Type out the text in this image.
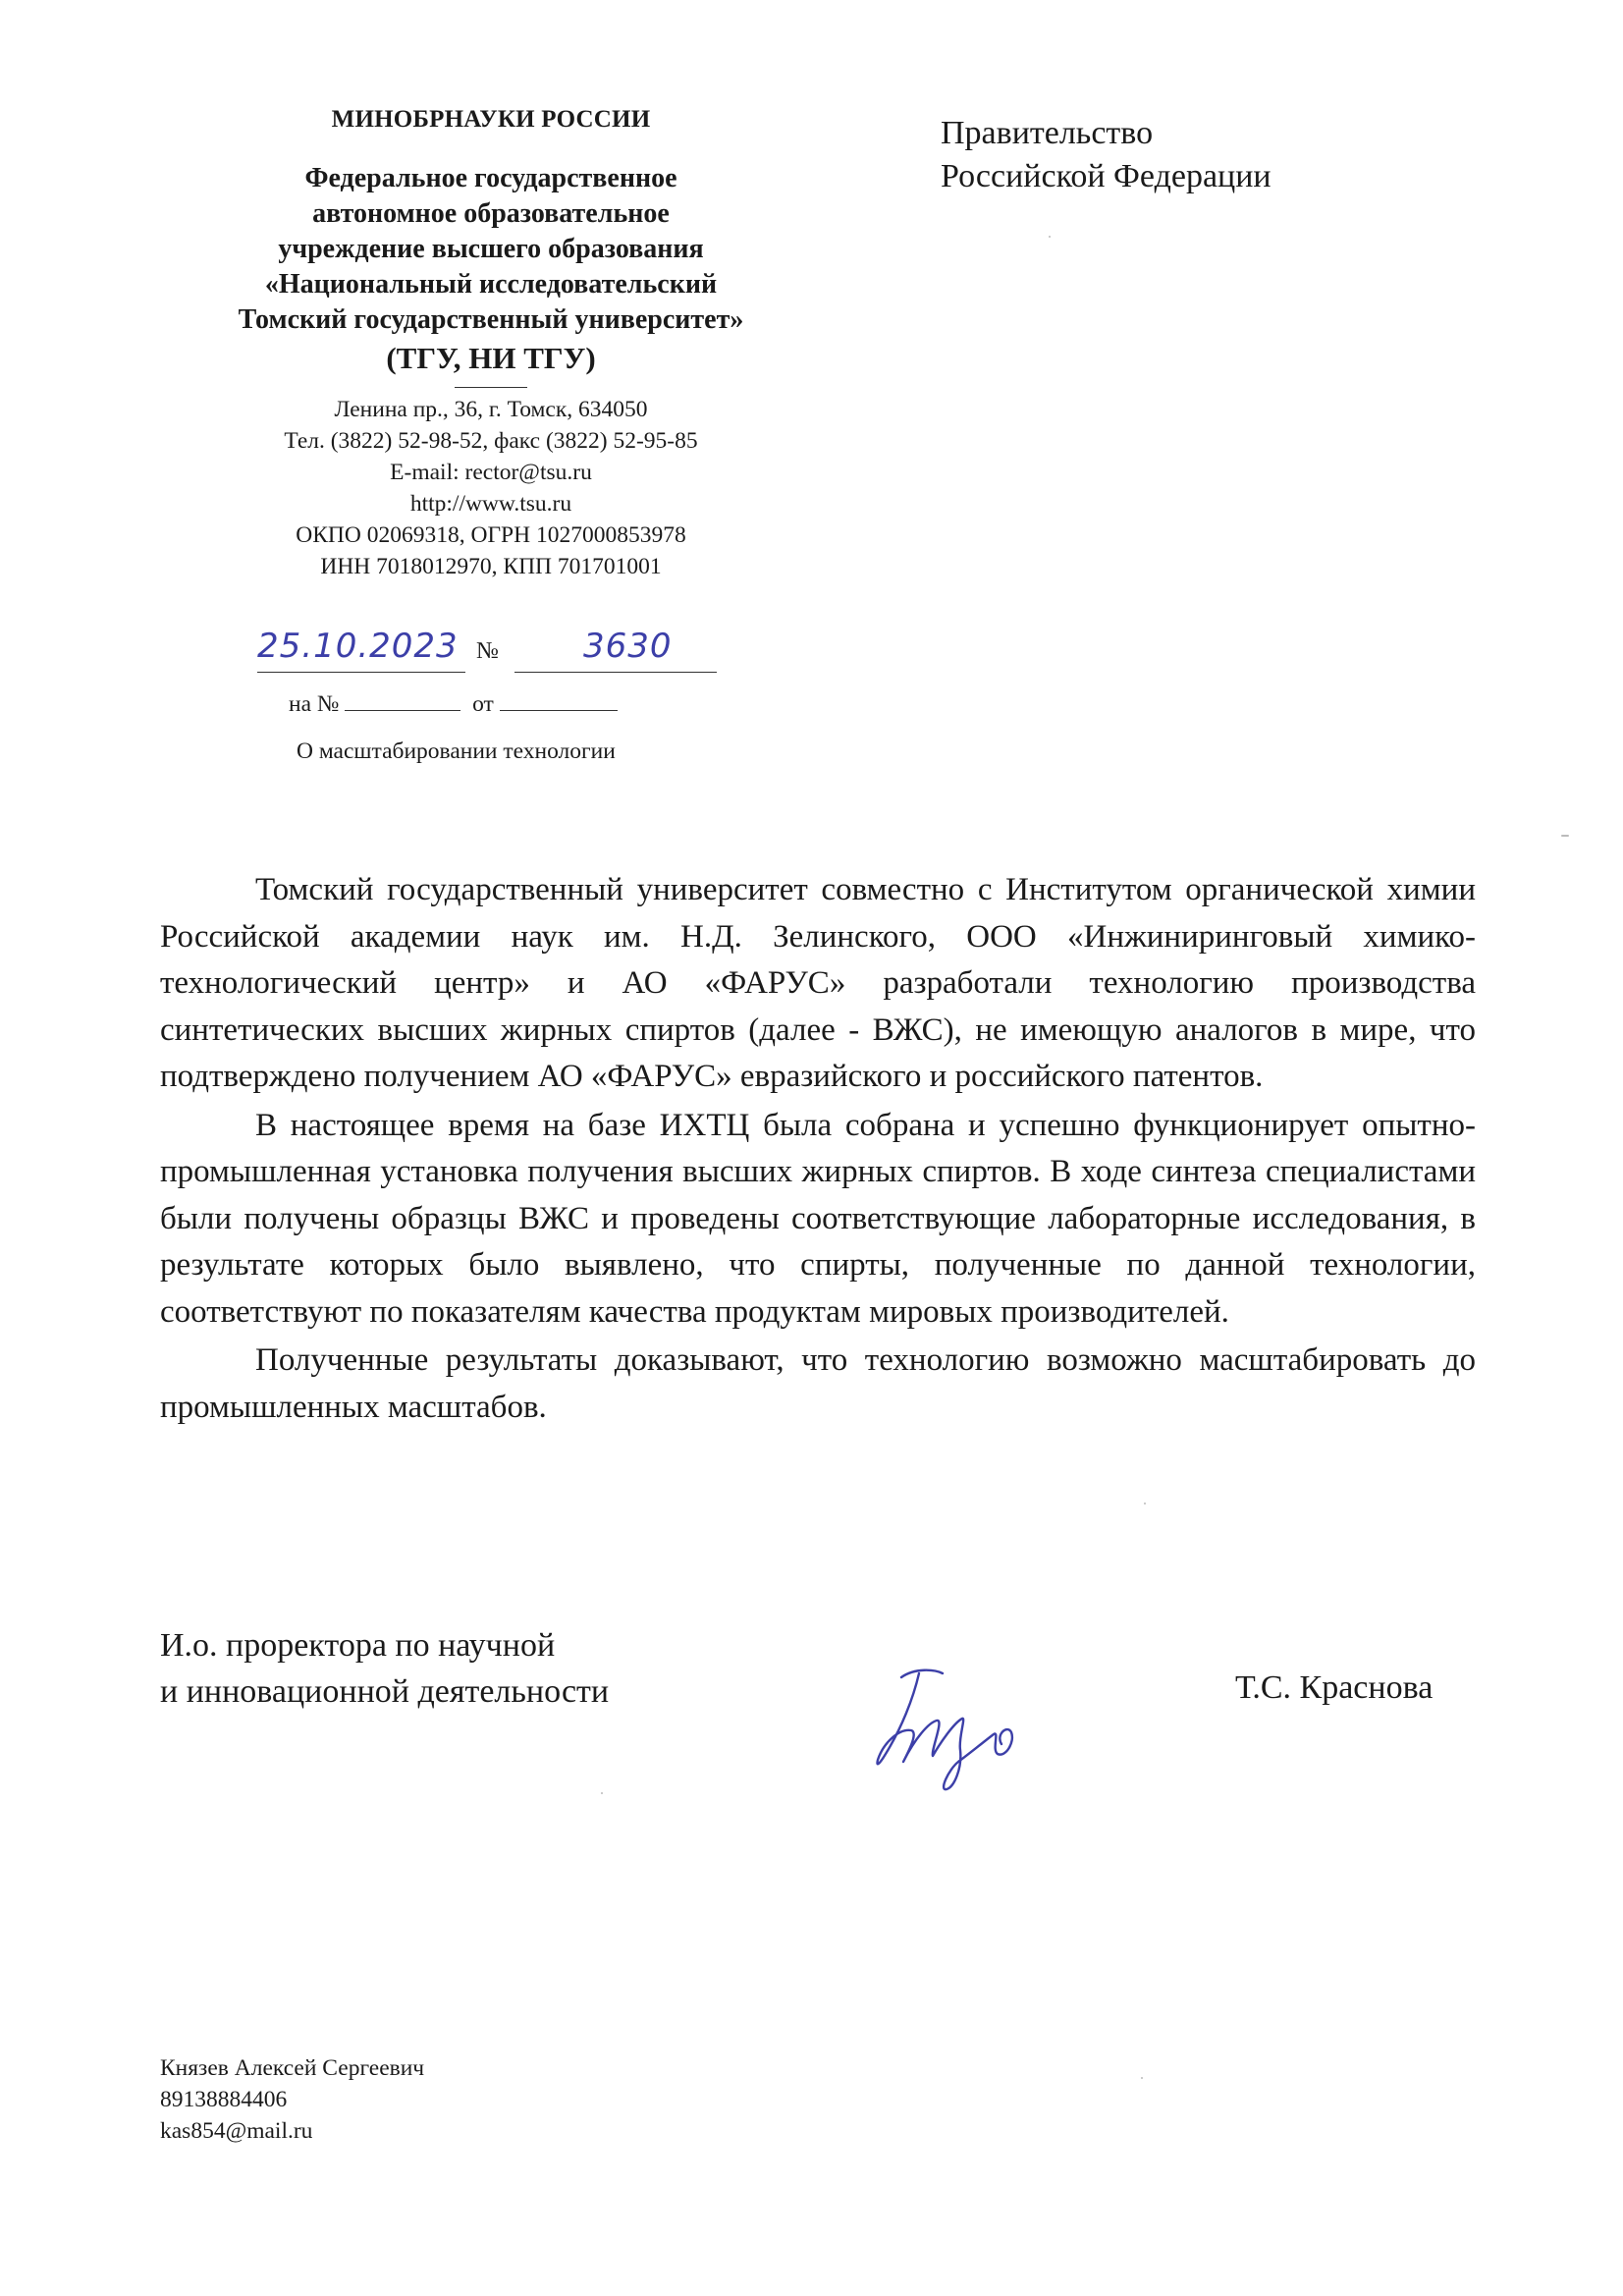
МИНОБРНАУКИ РОССИИ
Федеральное государственное
автономное образовательное
учреждение высшего образования
«Национальный исследовательский
Томский государственный университет»
(ТГУ, НИ ТГУ)
Ленина пр., 36, г. Томск, 634050
Тел. (3822) 52-98-52, факс (3822) 52-95-85
E-mail: rector@tsu.ru
http://www.tsu.ru
ОКПО 02069318, ОГРН 1027000853978
ИНН 7018012970, КПП 701701001
25.10.2023 №	3630
на №	от
О масштабировании технологии
Правительство
Российской Федерации

Томский государственный университет совместно с Институтом органической химии Российской академии наук им. Н.Д. Зелинского, ООО «Инжиниринговый химико-технологический центр» и АО «ФАРУС» разработали технологию производства синтетических высших жирных спиртов (далее - ВЖС), не имеющую аналогов в мире, что подтверждено получением АО «ФАРУС» евразийского и российского патентов.

В настоящее время на базе ИХТЦ была собрана и успешно функционирует опытно-промышленная установка получения высших жирных спиртов. В ходе синтеза специалистами были получены образцы ВЖС и проведены соответствующие лабораторные исследования, в результате которых было выявлено, что спирты, полученные по данной технологии, соответствуют по показателям качества продуктам мировых производителей.

Полученные результаты доказывают, что технологию возможно масштабировать до промышленных масштабов.

И.о. проректора по научной
и инновационной деятельности	Т.С. Краснова
Князев Алексей Сергеевич
89138884406
kas854@mail.ru
